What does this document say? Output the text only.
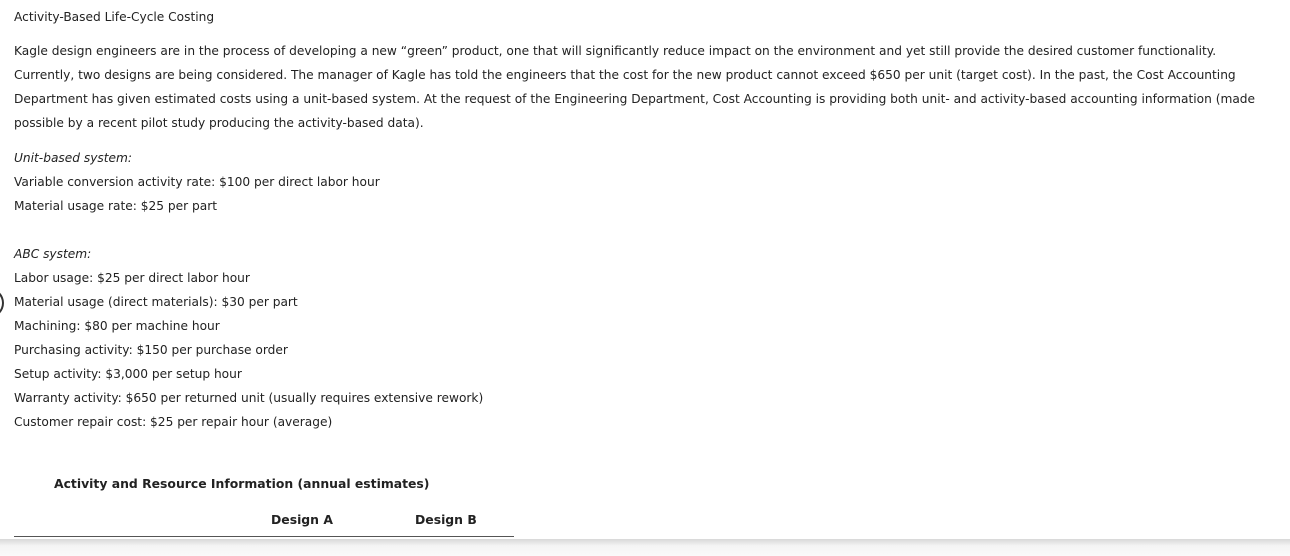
Activity-Based Life-Cycle Costing

Kagle design engineers are in the process of developing a new “green” product, one that will significantly reduce impact on the environment and yet still provide the desired customer functionality. Currently, two designs are being considered. The manager of Kagle has told the engineers that the cost for the new product cannot exceed $650 per unit (target cost). In the past, the Cost Accounting Department has given estimated costs using a unit-based system. At the request of the Engineering Department, Cost Accounting is providing both unit- and activity-based accounting information (made possible by a recent pilot study producing the activity-based data).

Unit-based system:
Variable conversion activity rate: $100 per direct labor hour
Material usage rate: $25 per part
ABC system:
Labor usage: $25 per direct labor hour
Material usage (direct materials): $30 per part
Machining: $80 per machine hour
Purchasing activity: $150 per purchase order
Setup activity: $3,000 per setup hour
Warranty activity: $650 per returned unit (usually requires extensive rework)
Customer repair cost: $25 per repair hour (average)
Activity and Resource Information (annual estimates)
Design A	Design B
